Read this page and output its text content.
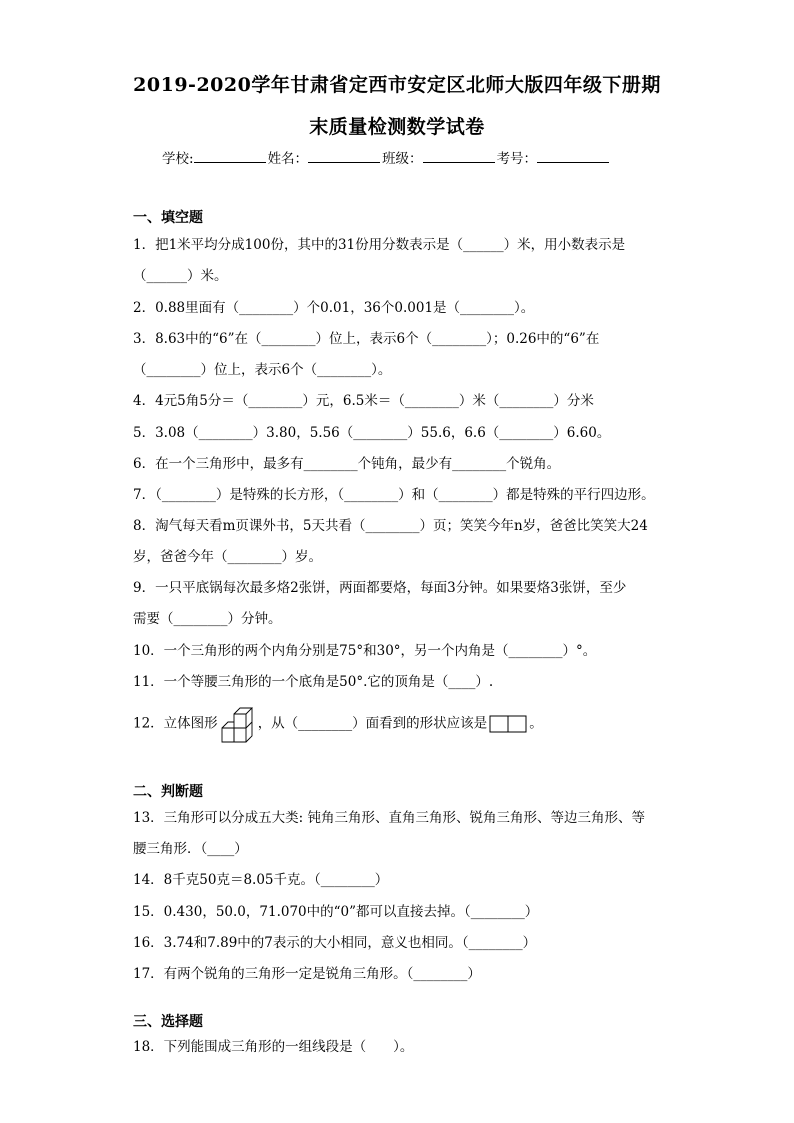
2019-2020学年甘肃省定西市安定区北师大版四年级下册期
末质量检测数学试卷
学校:	姓名：	班级：	考号：
一、填空题
1．把1米平均分成100份，其中的31份用分数表示是（______）米，用小数表示是
（______）米。
2．0.88里面有（________）个0.01，36个0.001是（________）。
3．8.63中的“6”在（________）位上，表示6个（________）；0.26中的“6”在
（________）位上，表示6个（________）。
4．4元5角5分＝（________）元，6.5米＝（________）米（________）分米
5．3.08（________）3.80，5.56（________）55.6，6.6（________）6.60。
6．在一个三角形中，最多有________个钝角，最少有________个锐角。
7．（________）是特殊的长方形，（________）和（________）都是特殊的平行四边形。
8．淘气每天看m页课外书，5天共看（________）页；笑笑今年n岁，爸爸比笑笑大24
岁，爸爸今年（________）岁。
9．一只平底锅每次最多烙2张饼，两面都要烙，每面3分钟。如果要烙3张饼，至少
需要（________）分钟。
10．一个三角形的两个内角分别是75°和30°，另一个内角是（________）°。
11．一个等腰三角形的一个底角是50°.它的顶角是（____）.
12．立体图形	，从（________）面看到的形状应该是	。
二、判断题
13．三角形可以分成五大类: 钝角三角形、直角三角形、锐角三角形、等边三角形、等
腰三角形．（____）
14．8千克50克＝8.05千克。（________）
15．0.430，50.0，71.070中的“0”都可以直接去掉。（________）
16．3.74和7.89中的7表示的大小相同，意义也相同。（________）
17．有两个锐角的三角形一定是锐角三角形。（________）
三、选择题
18．下列能围成三角形的一组线段是（　　）。
